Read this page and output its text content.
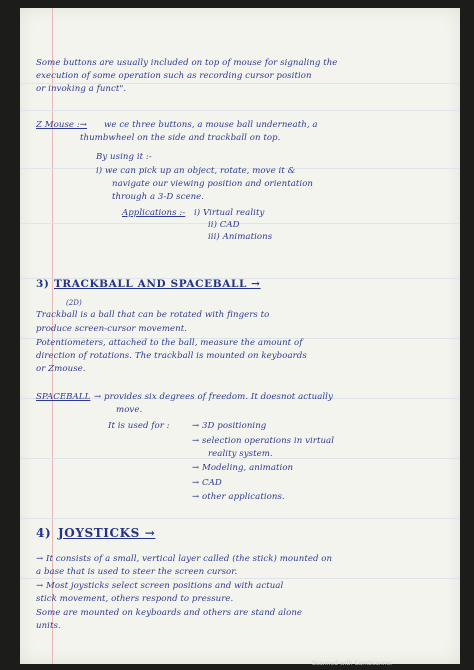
Some buttons are usually included on top of mouse for signaling the
execution of some operation such as recording cursor position
or invoking a funct".
Z Mouse :→ we ce three buttons, a mouse ball underneath, a
thumbwheel on the side and trackball on top.
By using it :-
i) we can pick up an object, rotate, move it &
navigate our viewing position and orientation
through a 3-D scene.
Applications :- i) Virtual reality
ii) CAD
iii) Animations
3) TRACKBALL AND SPACEBALL →
(2D)
Trackball is a ball that can be rotated with fingers to
produce screen-cursor movement.
Potentiometers, attached to the ball, measure the amount of
direction of rotations. The trackball is mounted on keyboards
or Zmouse.
SPACEBALL → provides six degrees of freedom. It doesnot actually
move.
It is used for :	→ 3D positioning
→ selection operations in virtual
reality system.
→ Modeling, animation
→ CAD
→ other applications.
4) JOYSTICKS →
→ It consists of a small, vertical layer called (the stick) mounted on
a base that is used to steer the screen cursor.
→ Most joysticks select screen positions and with actual
stick movement, others respond to pressure.
Some are mounted on keyboards and others are stand alone
units.
Scanned with CamScanner
